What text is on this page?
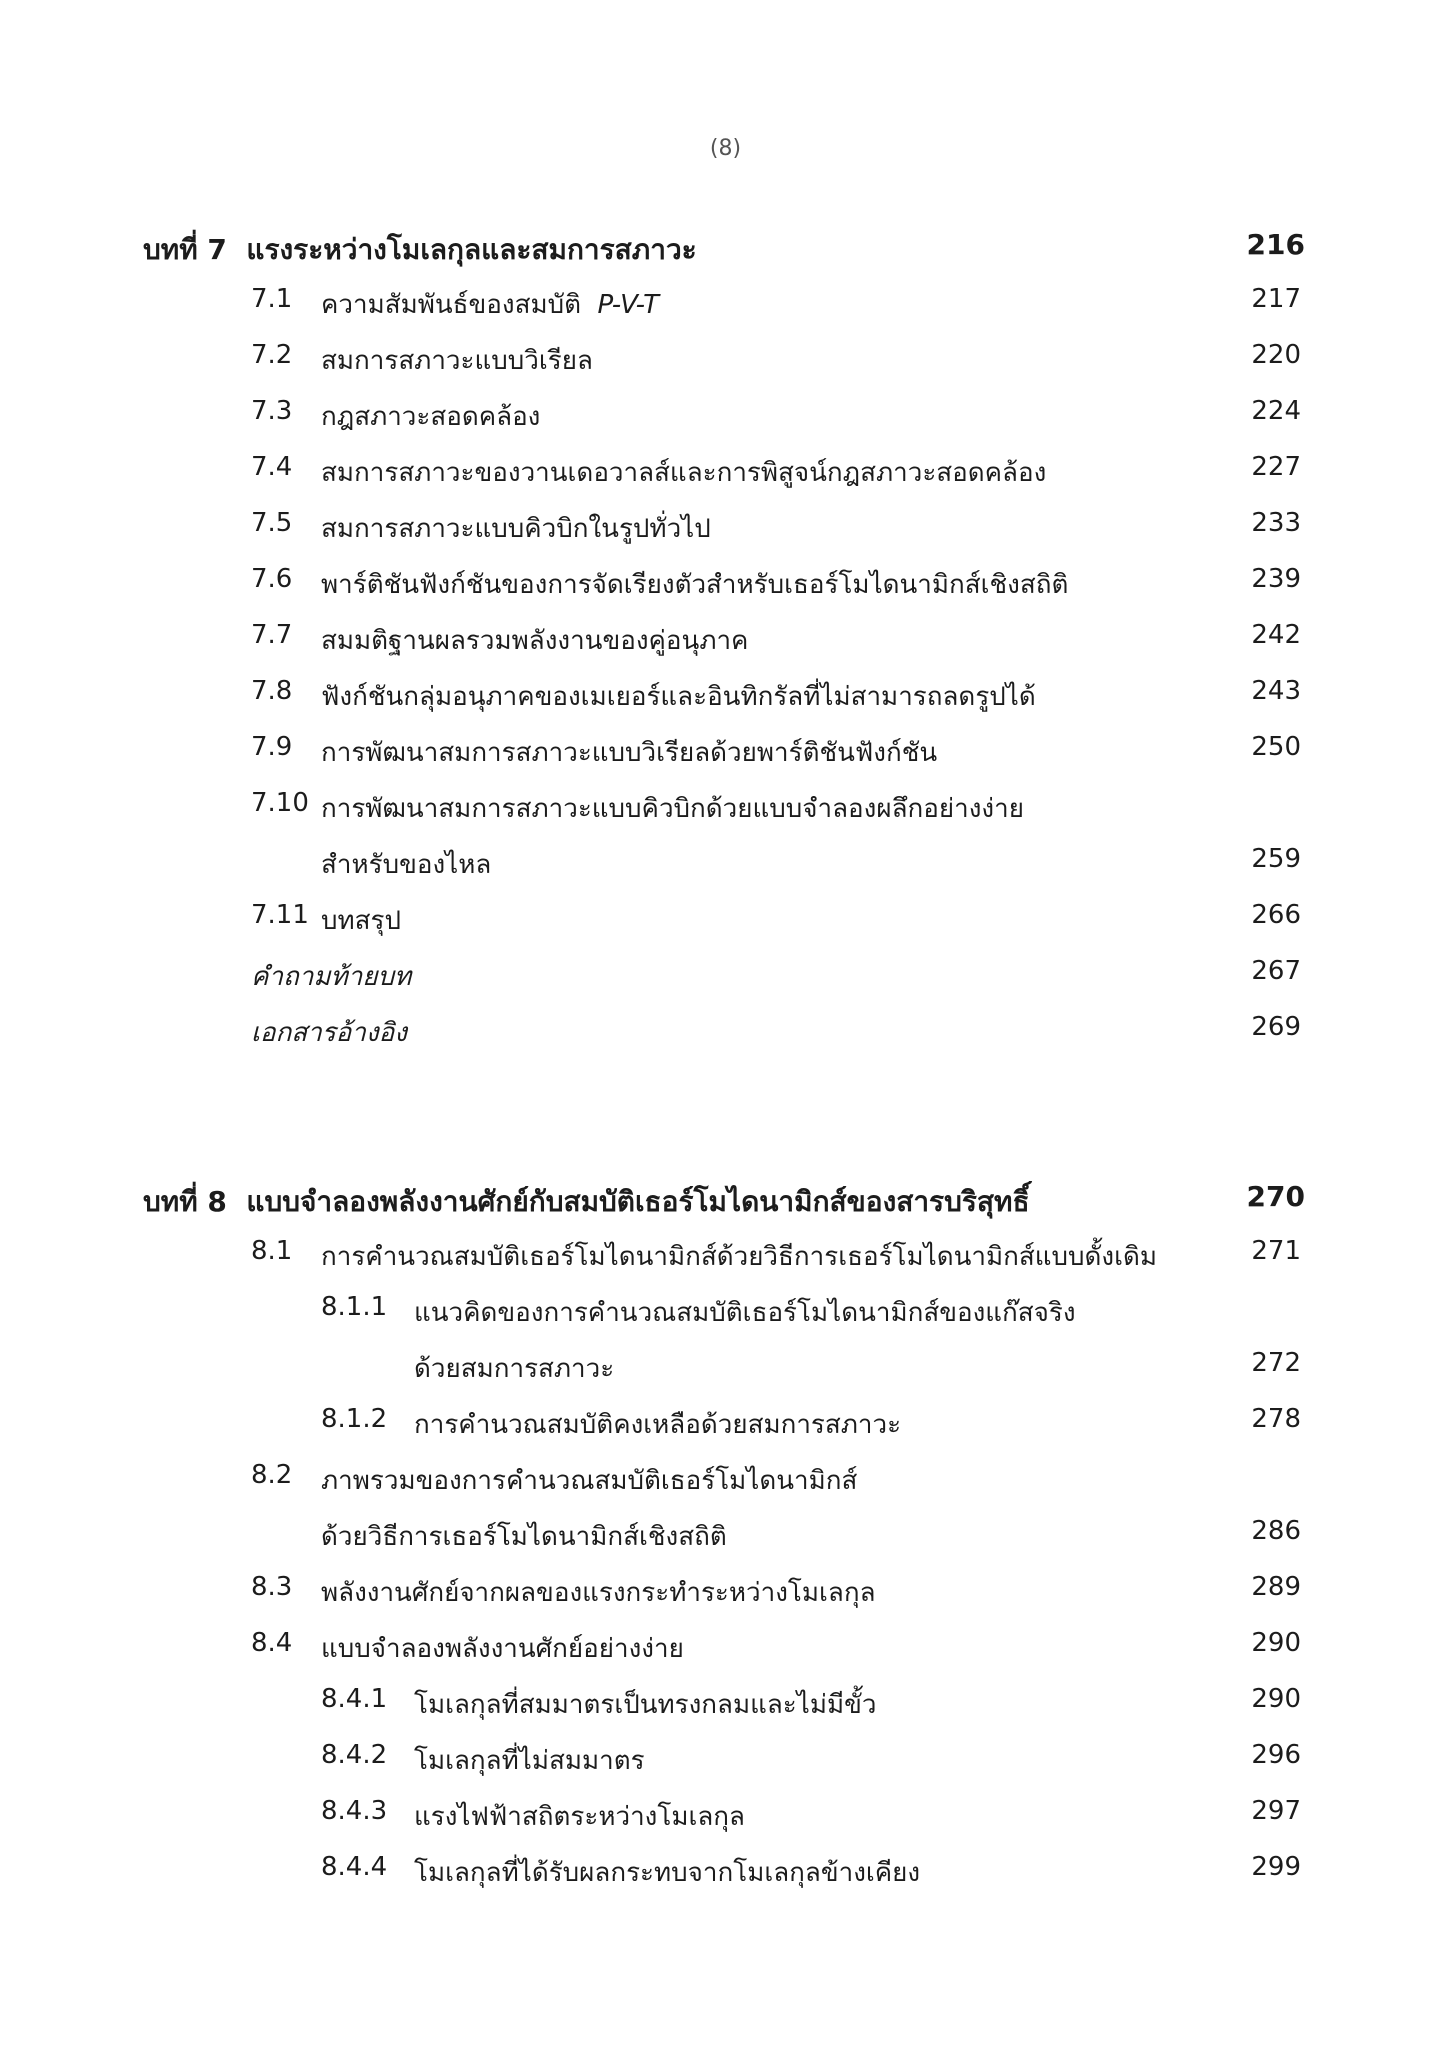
(8)
บทที่ 7 แรงระหว่างโมเลกุลและสมการสภาวะ	216
7.1 ความสัมพันธ์ของสมบัติ P-V-T	217
7.2 สมการสภาวะแบบวิเรียล	220
7.3 กฎสภาวะสอดคล้อง	224
7.4 สมการสภาวะของวานเดอวาลส์และการพิสูจน์กฎสภาวะสอดคล้อง	227
7.5 สมการสภาวะแบบคิวบิกในรูปทั่วไป	233
7.6 พาร์ติชันฟังก์ชันของการจัดเรียงตัวสำหรับเธอร์โมไดนามิกส์เชิงสถิติ	239
7.7 สมมติฐานผลรวมพลังงานของคู่อนุภาค	242
7.8 ฟังก์ชันกลุ่มอนุภาคของเมเยอร์และอินทิกรัลที่ไม่สามารถลดรูปได้	243
7.9 การพัฒนาสมการสภาวะแบบวิเรียลด้วยพาร์ติชันฟังก์ชัน	250
7.10 การพัฒนาสมการสภาวะแบบคิวบิกด้วยแบบจำลองผลึกอย่างง่าย
สำหรับของไหล	259
7.11 บทสรุป	266
คำถามท้ายบท	267
เอกสารอ้างอิง	269
บทที่ 8 แบบจำลองพลังงานศักย์กับสมบัติเธอร์โมไดนามิกส์ของสารบริสุทธิ์	270
8.1 การคำนวณสมบัติเธอร์โมไดนามิกส์ด้วยวิธีการเธอร์โมไดนามิกส์แบบดั้งเดิม	271
8.1.1 แนวคิดของการคำนวณสมบัติเธอร์โมไดนามิกส์ของแก๊สจริง
ด้วยสมการสภาวะ	272
8.1.2 การคำนวณสมบัติคงเหลือด้วยสมการสภาวะ	278
8.2 ภาพรวมของการคำนวณสมบัติเธอร์โมไดนามิกส์
ด้วยวิธีการเธอร์โมไดนามิกส์เชิงสถิติ	286
8.3 พลังงานศักย์จากผลของแรงกระทำระหว่างโมเลกุล	289
8.4 แบบจำลองพลังงานศักย์อย่างง่าย	290
8.4.1 โมเลกุลที่สมมาตรเป็นทรงกลมและไม่มีขั้ว	290
8.4.2 โมเลกุลที่ไม่สมมาตร	296
8.4.3 แรงไฟฟ้าสถิตระหว่างโมเลกุล	297
8.4.4 โมเลกุลที่ได้รับผลกระทบจากโมเลกุลข้างเคียง	299
